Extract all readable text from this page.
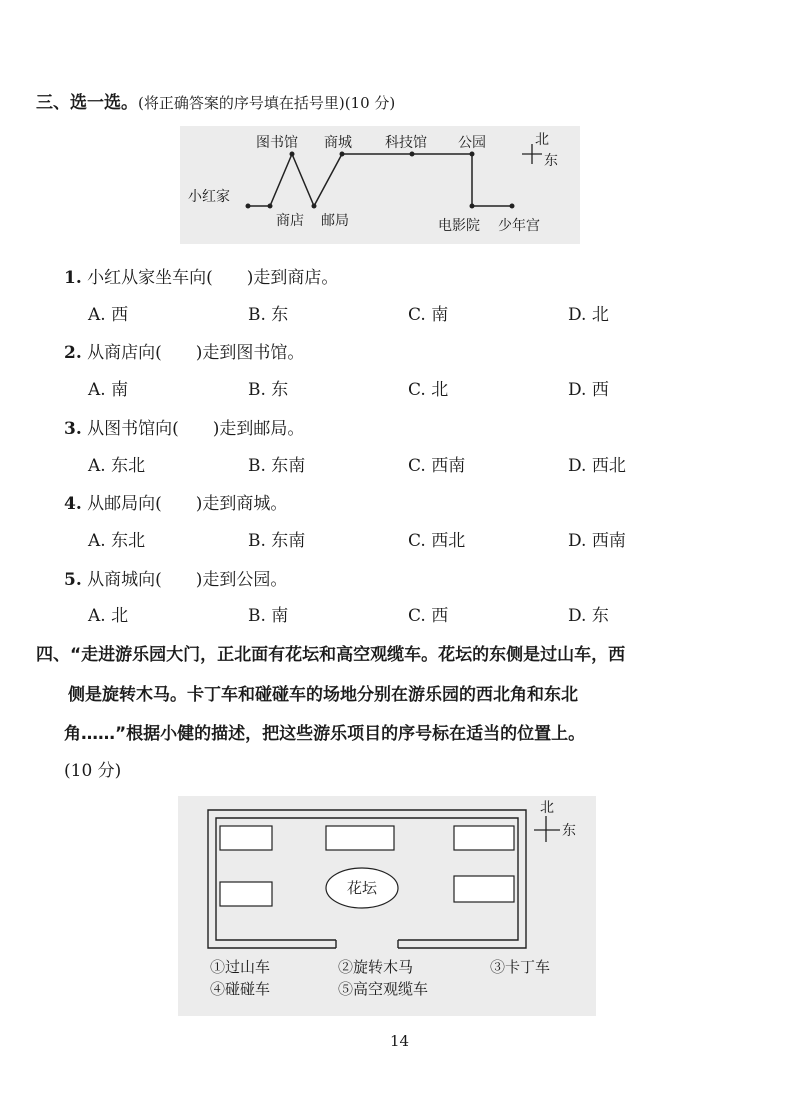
三、选一选。(将正确答案的序号填在括号里)(10 分)
图书馆 商城 科技馆 公园
小红家
商店 邮局	电影院 少年宫
北
东
1. 小红从家坐车向(　　)走到商店。
A. 西	B. 东	C. 南	D. 北
2. 从商店向(　　)走到图书馆。
A. 南	B. 东	C. 北	D. 西
3. 从图书馆向(　　)走到邮局。
A. 东北	B. 东南	C. 西南	D. 西北
4. 从邮局向(　　)走到商城。
A. 东北	B. 东南	C. 西北	D. 西南
5. 从商城向(　　)走到公园。
A. 北	B. 南	C. 西	D. 东
四、“走进游乐园大门，正北面有花坛和高空观缆车。花坛的东侧是过山车，西
侧是旋转木马。卡丁车和碰碰车的场地分别在游乐园的西北角和东北
角……”根据小健的描述，把这些游乐项目的序号标在适当的位置上。
(10 分)
花坛
北
东
①过山车	②旋转木马	③卡丁车
④碰碰车	⑤高空观缆车
14
